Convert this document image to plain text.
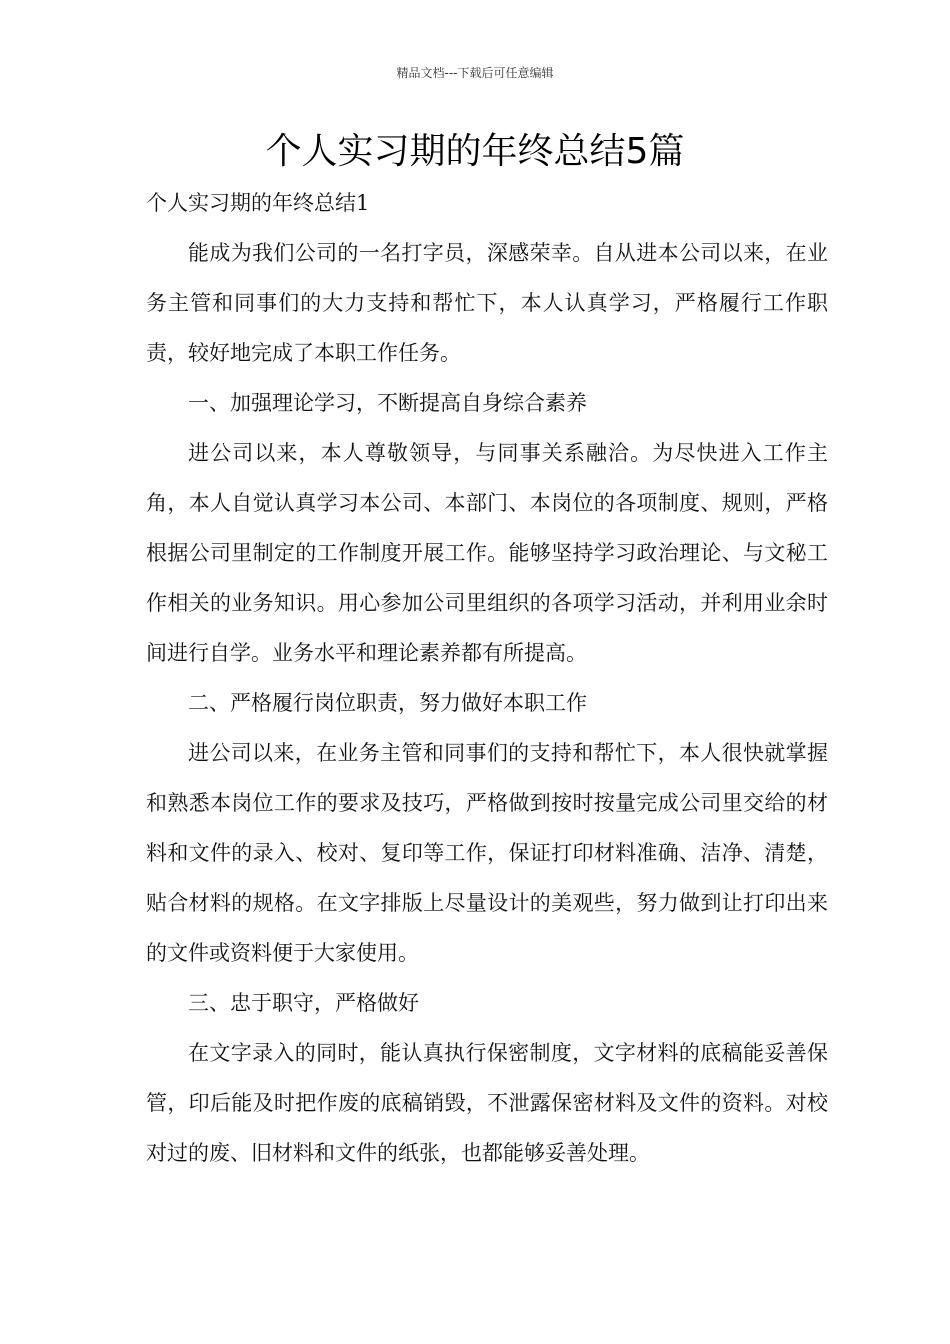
精品文档---下载后可任意编辑
个人实习期的年终总结5篇

个人实习期的年终总结1

能成为我们公司的一名打字员，深感荣幸。自从进本公司以来，在业务主管和同事们的大力支持和帮忙下，本人认真学习，严格履行工作职责，较好地完成了本职工作任务。

一、加强理论学习，不断提高自身综合素养

进公司以来，本人尊敬领导，与同事关系融洽。为尽快进入工作主角，本人自觉认真学习本公司、本部门、本岗位的各项制度、规则，严格根据公司里制定的工作制度开展工作。能够坚持学习政治理论、与文秘工作相关的业务知识。用心参加公司里组织的各项学习活动，并利用业余时间进行自学。业务水平和理论素养都有所提高。

二、严格履行岗位职责，努力做好本职工作

进公司以来，在业务主管和同事们的支持和帮忙下，本人很快就掌握和熟悉本岗位工作的要求及技巧，严格做到按时按量完成公司里交给的材料和文件的录入、校对、复印等工作，保证打印材料准确、洁净、清楚，贴合材料的规格。在文字排版上尽量设计的美观些，努力做到让打印出来的文件或资料便于大家使用。

三、忠于职守，严格做好

在文字录入的同时，能认真执行保密制度，文字材料的底稿能妥善保管，印后能及时把作废的底稿销毁，不泄露保密材料及文件的资料。对校对过的废、旧材料和文件的纸张，也都能够妥善处理。
